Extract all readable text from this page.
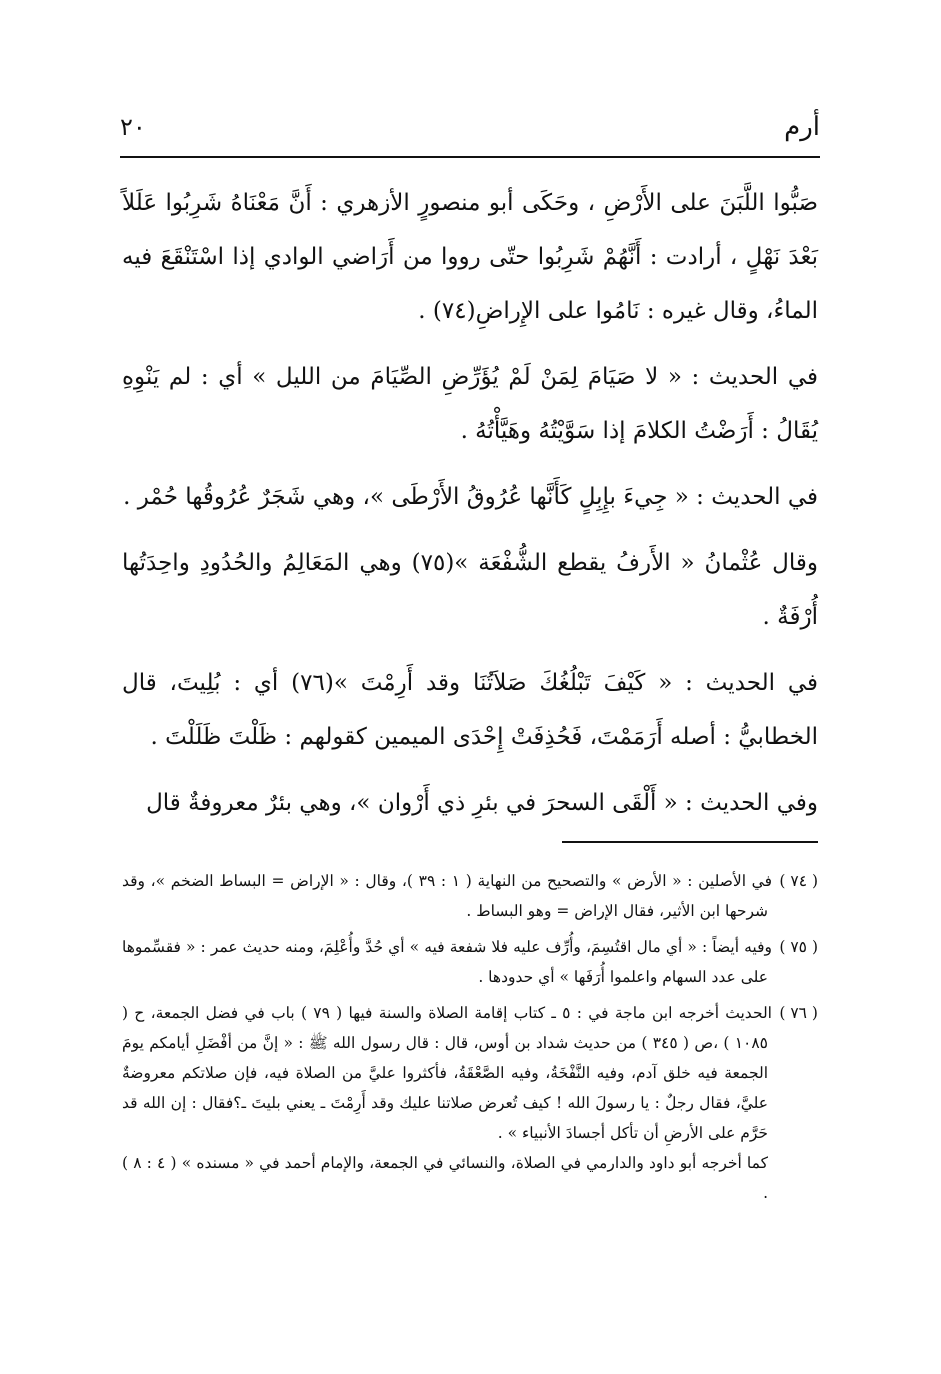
أرم
٢٠

صَبُّوا اللَّبَنَ على الأَرْضِ ، وحَكَى أبو منصورٍ الأزهري : أَنَّ مَعْنَاهُ شَرِبُوا عَلَلاً بَعْدَ نَهْلٍ ، أرادت : أَنَّهُمْ شَرِبُوا حتّى رووا من أَرَاضي الوادي إذا اسْتَنْقَعَ فيه الماءُ، وقال غيره : نَامُوا على الإِراضِ(٧٤) .

في الحديث : « لا صَيَامَ لِمَنْ لَمْ يُؤَرِّضِ الصِّيَامَ من الليل » أي : لم يَنْوِهِ يُقَالُ : أَرَضْتُ الكلامَ إذا سَوَّيْتُهُ وهَيَّأْتُهُ .

في الحديث : « جِيءَ بإِبِلٍ كَأَنَّها عُرُوقُ الأَرْطَى »، وهي شَجَرٌ عُرُوقُها حُمْر .

وقال عُثْمانُ « الأَرفُ يقطع الشُّفْعَة »(٧٥) وهي المَعَالِمُ والحُدُودِ واحِدَتُها أُرْفَةٌ .

في الحديث : « كَيْفَ تَبْلُغُكَ صَلاَتُنَا وقد أَرِمْتَ »(٧٦) أي : بُلِيتَ، قال الخطابيُّ : أصله أَرَمَمْتَ، فَحُذِفَتْ إِحْدَى الميمين كقولهم : ظَلْتَ ظَلَلْتَ .

وفي الحديث : « أَلْقَى السحرَ في بئرِ ذي أَرْوان »، وهي بئرٌ معروفةٌ قال

( ٧٤ )في الأصلين : « الأرض » والتصحيح من النهاية ( ١ : ٣٩ )، وقال : « الإراض = البساط الضخم »، وقد شرحها ابن الأثير، فقال الإراض = وهو البساط .
( ٧٥ )وفيه أيضاً : « أي مال اقتُسِمَ، وأُرِّف عليه فلا شفعة فيه » أي حُدَّ وأُعْلِمَ، ومنه حديث عمر : « فقسِّموها على عدد السهام واعلموا أُرَفَها » أي حدودها .
( ٧٦ )الحديث أخرجه ابن ماجة في : ٥ ـ كتاب إقامة الصلاة والسنة فيها ( ٧٩ ) باب في فضل الجمعة، ح ( ١٠٨٥ ) ،ص ( ٣٤٥ ) من حديث شداد بن أوس، قال : قال رسول الله ﷺ : « إنَّ من أفْضَلِ أيامكم يومَ الجمعة فيه خلق آدم، وفيه النَّفْخَةُ، وفيه الصَّعْقَةُ، فأكثروا عليَّ من الصلاة فيه، فإن صلاتكم معروضةٌ عليَّ، فقال رجلٌ : يا رسولَ الله ! كيف تُعرض صلاتنا عليك وقد أَرِمْتَ ـ يعني بليتَ ـ؟فقال : إن الله قد حَرَّم على الأرضِ أن تأكل أجسادَ الأنبياء » .
كما أخرجه أبو داود والدارمي في الصلاة، والنسائي في الجمعة، والإمام أحمد في « مسنده » ( ٤ : ٨ ) .
